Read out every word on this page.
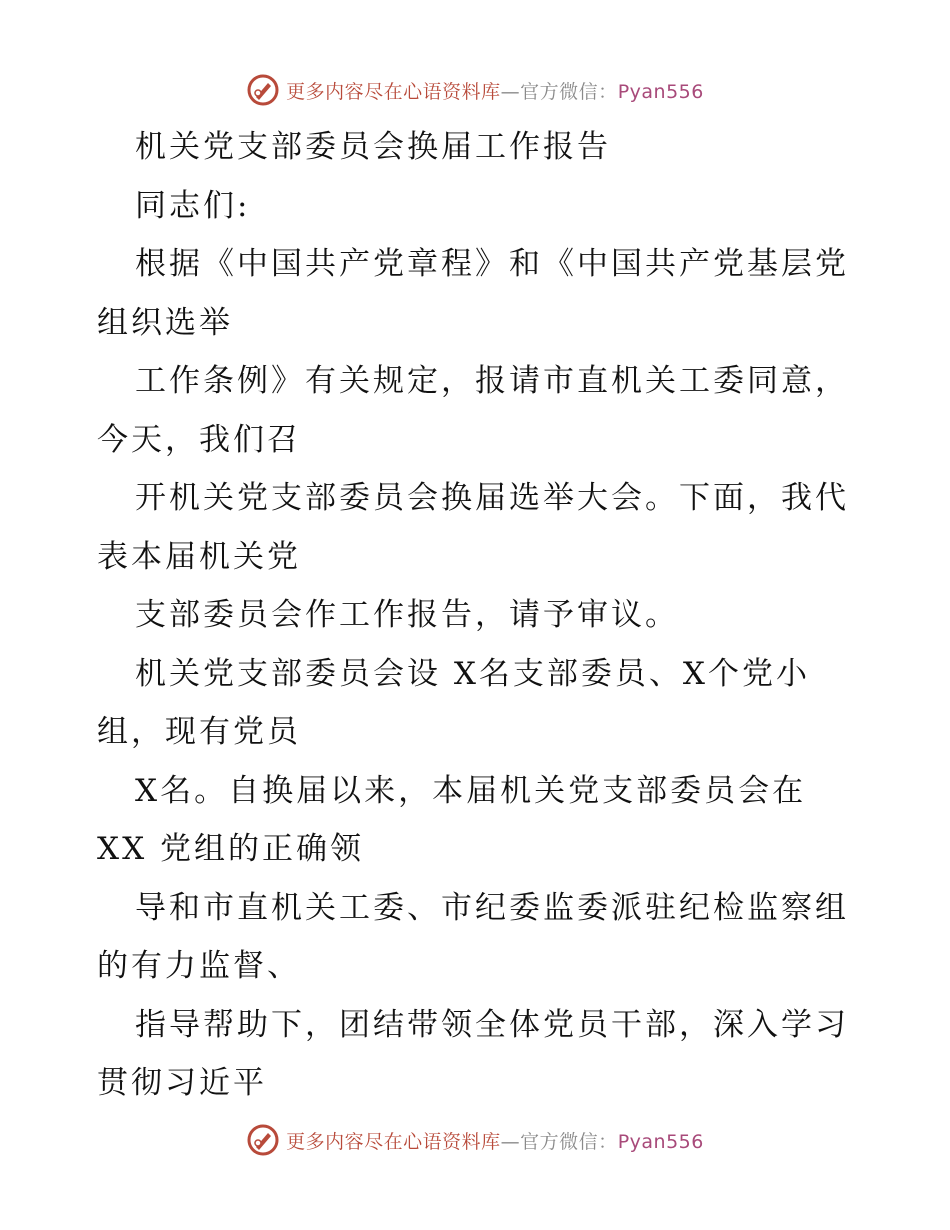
更多内容尽在心语资料库—官方微信：Pyan556
机关党支部委员会换届工作报告
同志们:
根据《中国共产党章程》和《中国共产党基层党
组织选举
工作条例》有关规定，报请市直机关工委同意，
今天，我们召
开机关党支部委员会换届选举大会。下面，我代
表本届机关党
支部委员会作工作报告，请予审议。
机关党支部委员会设 X名支部委员、X个党小
组，现有党员
X名。自换届以来，本届机关党支部委员会在
XX 党组的正确领
导和市直机关工委、市纪委监委派驻纪检监察组
的有力监督、
指导帮助下，团结带领全体党员干部，深入学习
贯彻习近平
更多内容尽在心语资料库—官方微信：Pyan556
